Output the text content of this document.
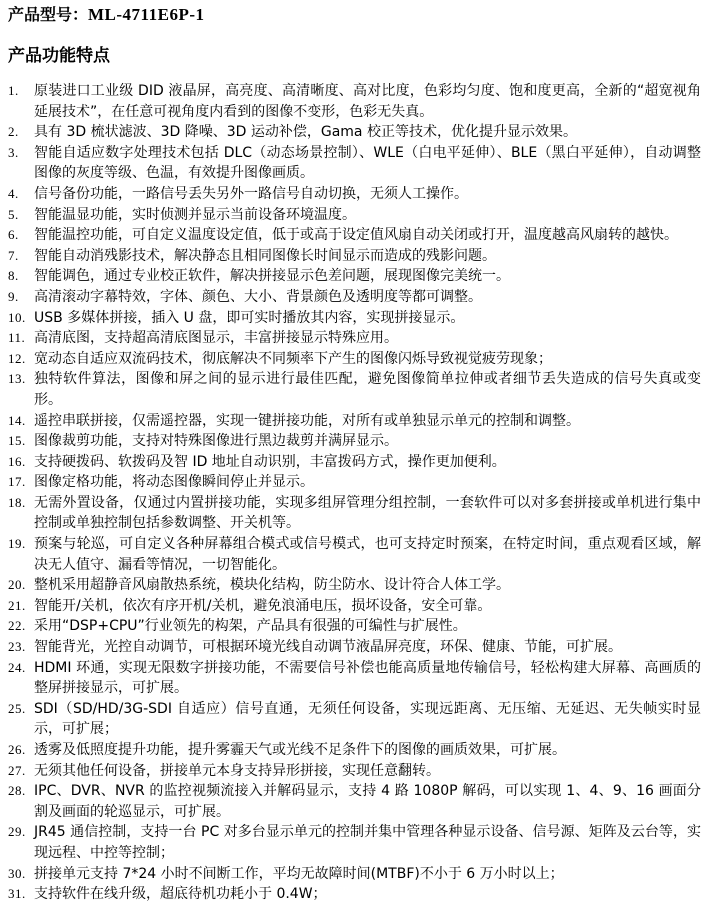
产品型号：ML-4711E6P-1
产品功能特点
1.	原装进口工业级 DID 液晶屏，高亮度、高清晰度、高对比度，色彩均匀度、饱和度更高，全新的“超宽视角延展技术”，在任意可视角度内看到的图像不变形，色彩无失真。
2.	具有 3D 梳状滤波、3D 降噪、3D 运动补偿，Gama 校正等技术，优化提升显示效果。
3.	智能自适应数字处理技术包括 DLC（动态场景控制）、WLE（白电平延伸）、BLE（黑白平延伸），自动调整图像的灰度等级、色温，有效提升图像画质。
4.	信号备份功能，一路信号丢失另外一路信号自动切换，无须人工操作。
5.	智能温显功能，实时侦测并显示当前设备环境温度。
6.	智能温控功能，可自定义温度设定值，低于或高于设定值风扇自动关闭或打开，温度越高风扇转的越快。
7.	智能自动消残影技术，解决静态且相同图像长时间显示而造成的残影问题。
8.	智能调色，通过专业校正软件，解决拼接显示色差问题，展现图像完美统一。
9.	高清滚动字幕特效，字体、颜色、大小、背景颜色及透明度等都可调整。
10. USB 多媒体拼接，插入 U 盘，即可实时播放其内容，实现拼接显示。
11. 高清底图，支持超高清底图显示，丰富拼接显示特殊应用。
12. 宽动态自适应双流码技术，彻底解决不同频率下产生的图像闪烁导致视觉疲劳现象；
13. 独特软件算法，图像和屏之间的显示进行最佳匹配，避免图像简单拉伸或者细节丢失造成的信号失真或变形。
14. 遥控串联拼接，仅需遥控器，实现一键拼接功能，对所有或单独显示单元的控制和调整。
15. 图像裁剪功能，支持对特殊图像进行黑边裁剪并满屏显示。
16. 支持硬拨码、软拨码及智 ID 地址自动识别，丰富拨码方式，操作更加便利。
17. 图像定格功能，将动态图像瞬间停止并显示。
18. 无需外置设备，仅通过内置拼接功能，实现多组屏管理分组控制，一套软件可以对多套拼接或单机进行集中控制或单独控制包括参数调整、开关机等。
19. 预案与轮巡，可自定义各种屏幕组合模式或信号模式，也可支持定时预案，在特定时间，重点观看区域，解决无人值守、漏看等情况，一切智能化。
20. 整机采用超静音风扇散热系统，模块化结构，防尘防水、设计符合人体工学。
21. 智能开/关机，依次有序开机/关机，避免浪涌电压，损坏设备，安全可靠。
22. 采用“DSP+CPU”行业领先的构架，产品具有很强的可编性与扩展性。
23. 智能背光，光控自动调节，可根据环境光线自动调节液晶屏亮度，环保、健康、节能，可扩展。
24. HDMI 环通，实现无限数字拼接功能，不需要信号补偿也能高质量地传输信号，轻松构建大屏幕、高画质的整屏拼接显示，可扩展。
25. SDI（SD/HD/3G-SDI 自适应）信号直通，无须任何设备，实现远距离、无压缩、无延迟、无失帧实时显示，可扩展；
26. 透雾及低照度提升功能，提升雾霾天气或光线不足条件下的图像的画质效果，可扩展。
27. 无须其他任何设备，拼接单元本身支持异形拼接，实现任意翻转。
28. IPC、DVR、NVR 的监控视频流接入并解码显示，支持 4 路 1080P 解码，可以实现 1、4、9、16 画面分割及画面的轮巡显示，可扩展。
29. JR45 通信控制，支持一台 PC 对多台显示单元的控制并集中管理各种显示设备、信号源、矩阵及云台等，实现远程、中控等控制；
30. 拼接单元支持 7*24 小时不间断工作，平均无故障时间(MTBF)不小于 6 万小时以上；
31. 支持软件在线升级，超底待机功耗小于 0.4W；
